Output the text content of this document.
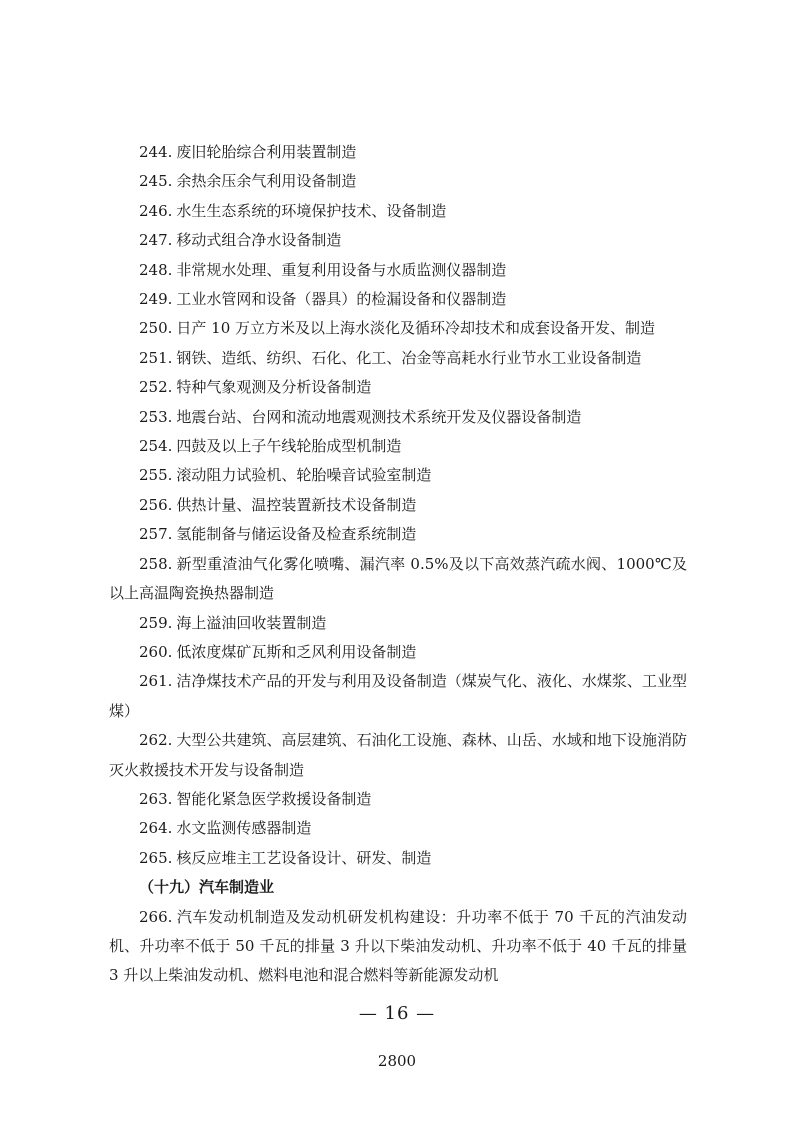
244. 废旧轮胎综合利用装置制造
245. 余热余压余气利用设备制造
246. 水生生态系统的环境保护技术、设备制造
247. 移动式组合净水设备制造
248. 非常规水处理、重复利用设备与水质监测仪器制造
249. 工业水管网和设备（器具）的检漏设备和仪器制造
250. 日产 10 万立方米及以上海水淡化及循环冷却技术和成套设备开发、制造
251. 钢铁、造纸、纺织、石化、化工、冶金等高耗水行业节水工业设备制造
252. 特种气象观测及分析设备制造
253. 地震台站、台网和流动地震观测技术系统开发及仪器设备制造
254. 四鼓及以上子午线轮胎成型机制造
255. 滚动阻力试验机、轮胎噪音试验室制造
256. 供热计量、温控装置新技术设备制造
257. 氢能制备与储运设备及检查系统制造
258. 新型重渣油气化雾化喷嘴、漏汽率 0.5%及以下高效蒸汽疏水阀、1000℃及以上高温陶瓷换热器制造
259. 海上溢油回收装置制造
260. 低浓度煤矿瓦斯和乏风利用设备制造
261. 洁净煤技术产品的开发与利用及设备制造（煤炭气化、液化、水煤浆、工业型煤）
262. 大型公共建筑、高层建筑、石油化工设施、森林、山岳、水域和地下设施消防灭火救援技术开发与设备制造
263. 智能化紧急医学救援设备制造
264. 水文监测传感器制造
265. 核反应堆主工艺设备设计、研发、制造
（十九）汽车制造业
266. 汽车发动机制造及发动机研发机构建设：升功率不低于 70 千瓦的汽油发动机、升功率不低于 50 千瓦的排量 3 升以下柴油发动机、升功率不低于 40 千瓦的排量 3 升以上柴油发动机、燃料电池和混合燃料等新能源发动机
— 16 —
2800
